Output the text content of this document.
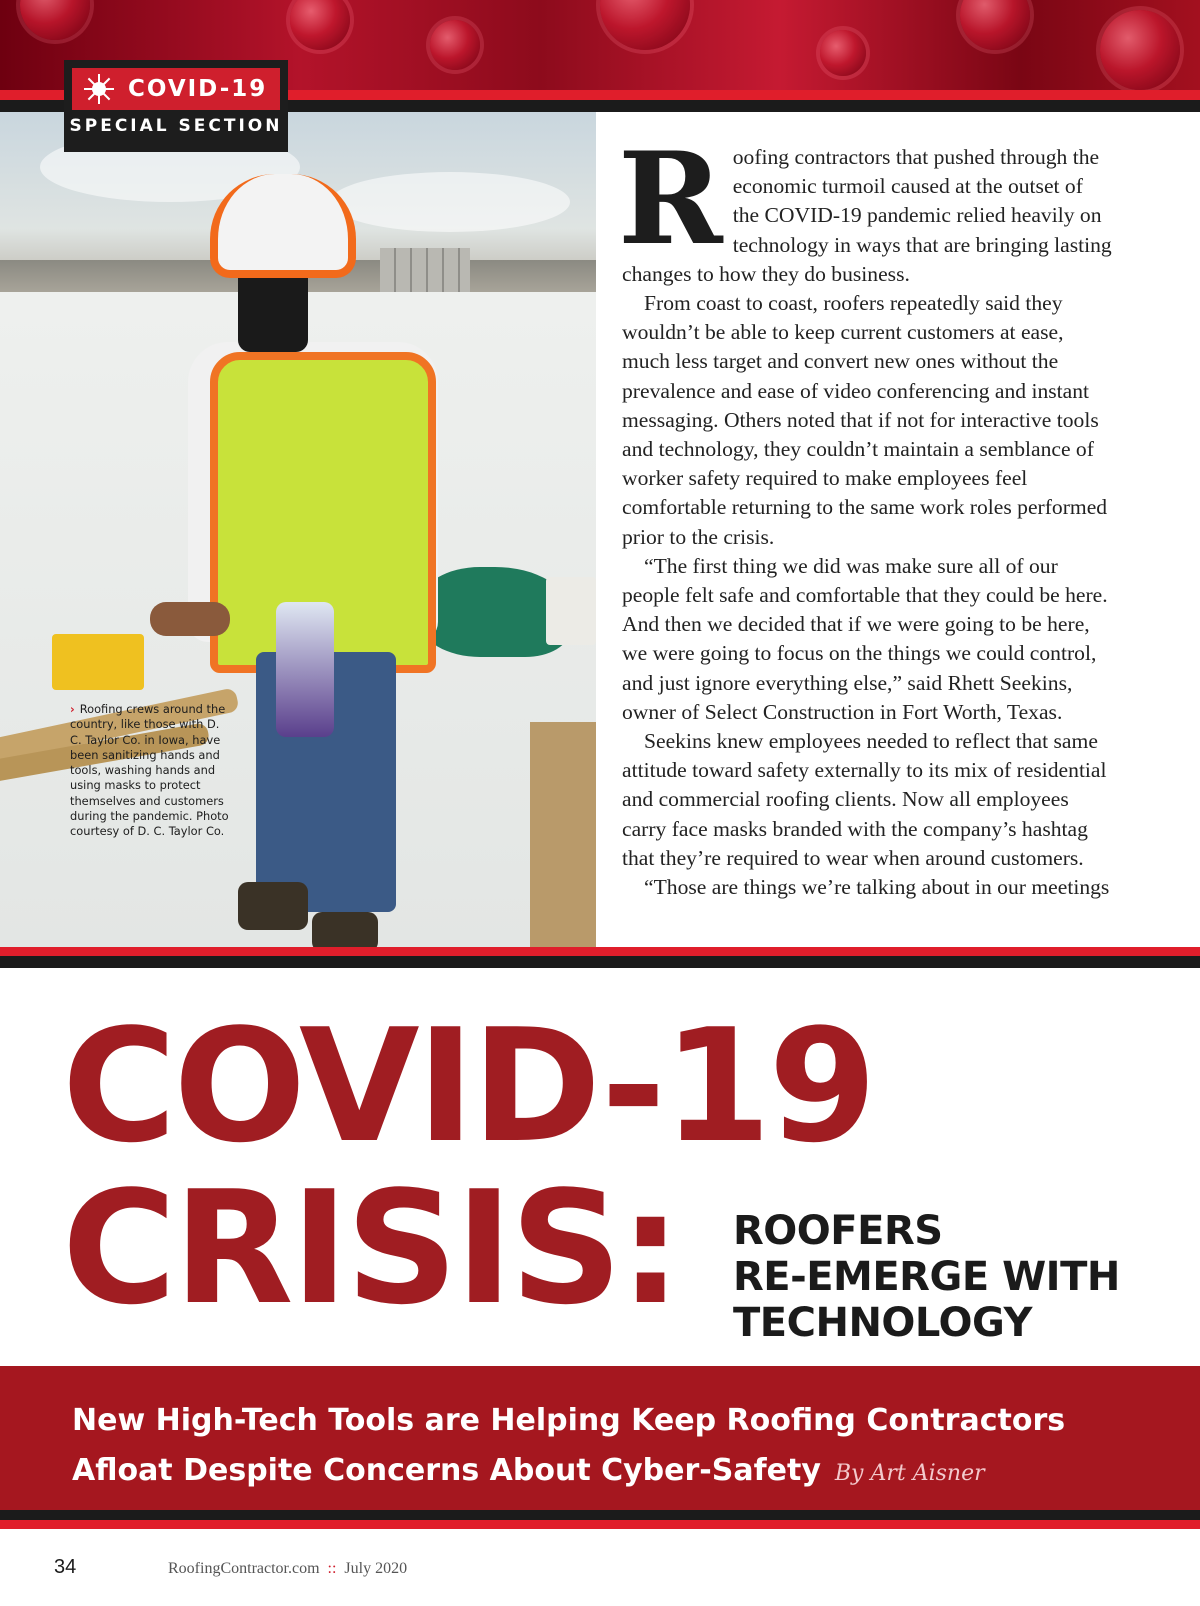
COVID-19
SPECIAL SECTION
› Roofing crews around the country, like those with D. C. Taylor Co. in Iowa, have been sanitizing hands and tools, washing hands and using masks to protect themselves and customers during the pandemic. Photo courtesy of D. C. Taylor Co.

Roofing contractors that pushed through the economic turmoil caused at the outset of the COVID-19 pandemic relied heavily on technology in ways that are bringing lasting changes to how they do business.

From coast to coast, roofers repeatedly said they wouldn’t be able to keep current customers at ease, much less target and convert new ones without the prevalence and ease of video conferencing and instant messaging. Others noted that if not for interactive tools and technology, they couldn’t maintain a semblance of worker safety required to make employees feel comfortable returning to the same work roles performed prior to the crisis.

“The first thing we did was make sure all of our people felt safe and comfortable that they could be here. And then we decided that if we were going to be here, we were going to focus on the things we could control, and just ignore everything else,” said Rhett Seekins, owner of Select Construction in Fort Worth, Texas.

Seekins knew employees needed to reflect that same attitude toward safety externally to its mix of residential and commercial roofing clients. Now all employees carry face masks branded with the company’s hashtag that they’re required to wear when around customers.

“Those are things we’re talking about in our meetings

COVID-19
CRISIS: ROOFERS
RE-EMERGE WITH
TECHNOLOGY
New High-Tech Tools are Helping Keep Roofing Contractors
Afloat Despite Concerns About Cyber-Safety By Art Aisner
34	RoofingContractor.com :: July 2020
